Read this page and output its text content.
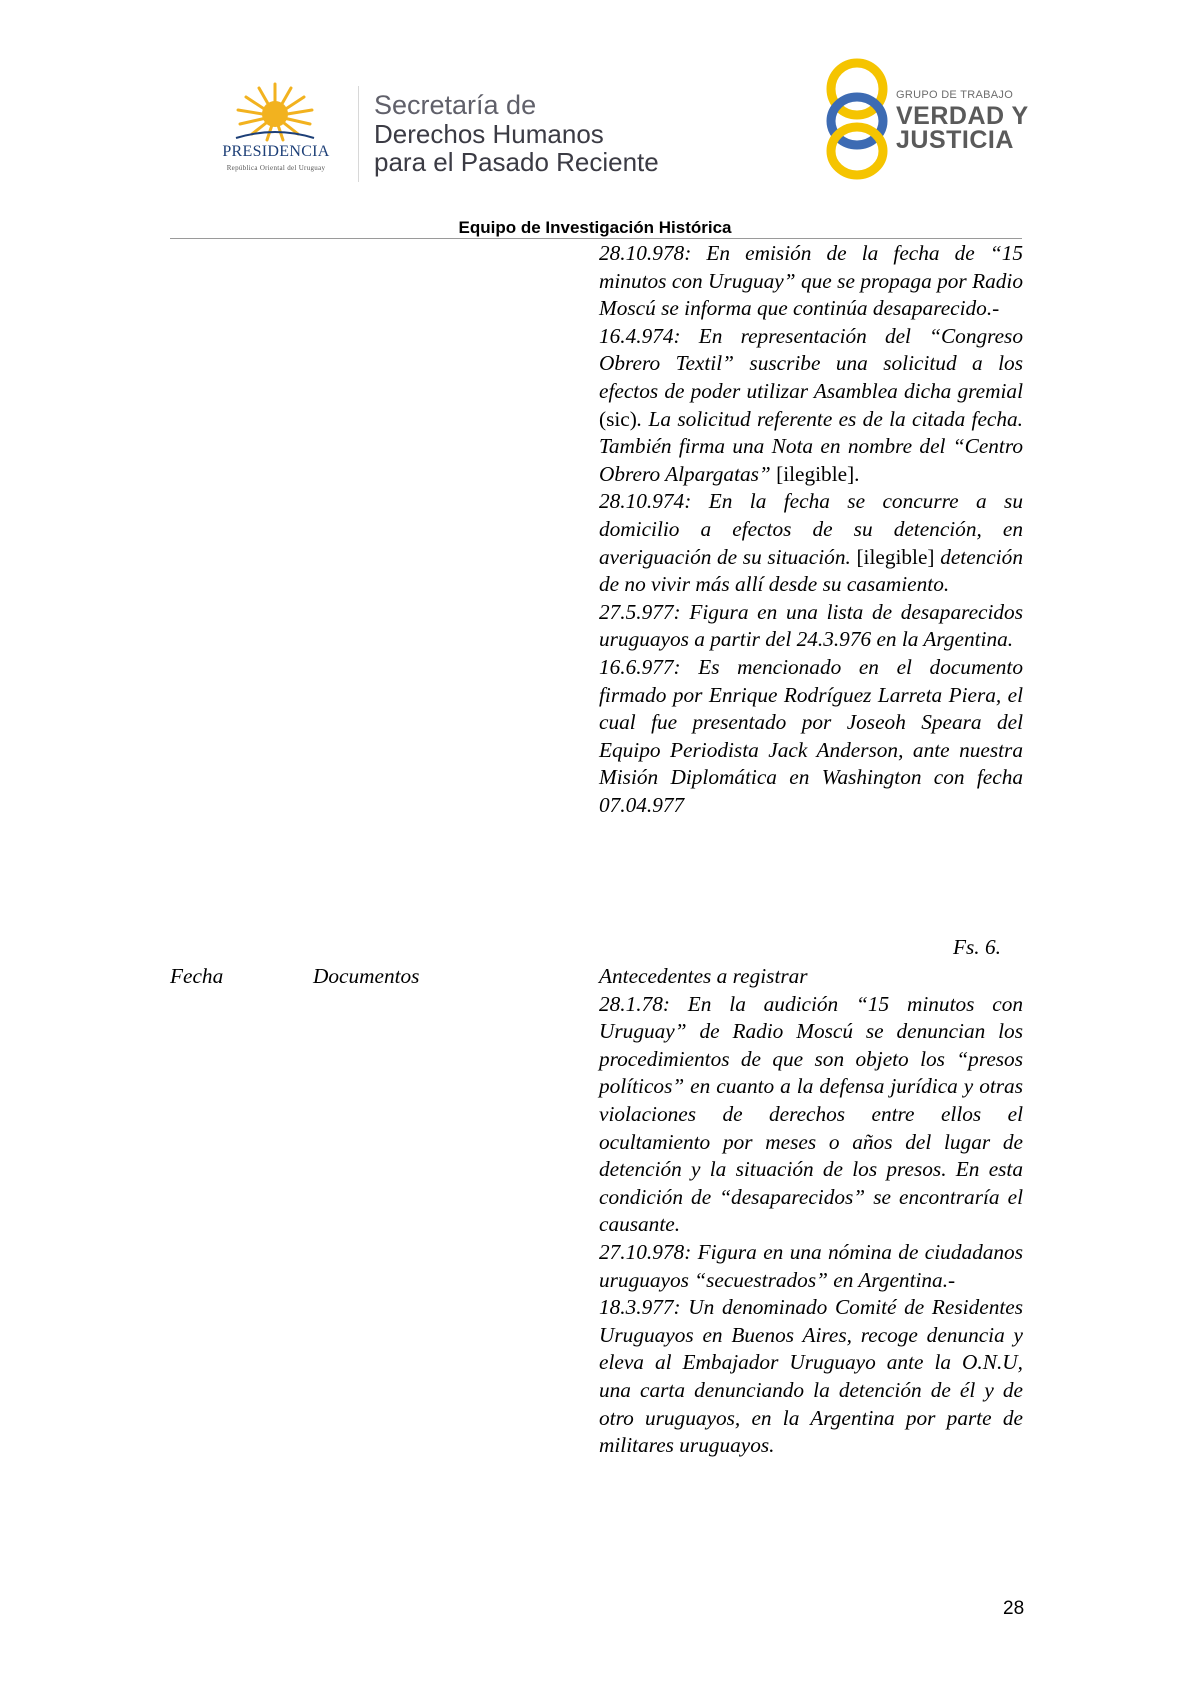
PRESIDENCIA
República Oriental del Uruguay
Secretaría de
Derechos Humanos
para el Pasado Reciente
GRUPO DE TRABAJO
VERDAD Y
JUSTICIA
Equipo de Investigación Histórica

28.10.978: En emisión de la fecha de “15 minutos con Uruguay” que se propaga por Radio Moscú se informa que continúa desaparecido.-

16.4.974: En representación del “Congreso Obrero Textil” suscribe una solicitud a los efectos de poder utilizar Asamblea dicha gremial (sic). La solicitud referente es de la citada fecha. También firma una Nota en nombre del “Centro Obrero Alpargatas” [ilegible].

28.10.974: En la fecha se concurre a su domicilio a efectos de su detención, en averiguación de su situación. [ilegible] detención de no vivir más allí desde su casamiento.

27.5.977: Figura en una lista de desaparecidos uruguayos a partir del 24.3.976 en la Argentina.

16.6.977: Es mencionado en el documento firmado por Enrique Rodríguez Larreta Piera, el cual fue presentado por Joseoh Speara del Equipo Periodista Jack Anderson, ante nuestra Misión Diplomática en Washington con fecha 07.04.977

Fs. 6.
Fecha	Documentos	Antecedentes a registrar

28.1.78: En la audición “15 minutos con Uruguay” de Radio Moscú se denuncian los procedimientos de que son objeto los “presos políticos” en cuanto a la defensa jurídica y otras violaciones de derechos entre ellos el ocultamiento por meses o años del lugar de detención y la situación de los presos. En esta condición de “desaparecidos” se encontraría el causante.

27.10.978: Figura en una nómina de ciudadanos uruguayos “secuestrados” en Argentina.-

18.3.977: Un denominado Comité de Residentes Uruguayos en Buenos Aires, recoge denuncia y eleva al Embajador Uruguayo ante la O.N.U, una carta denunciando la detención de él y de otro uruguayos, en la Argentina por parte de militares uruguayos.

28
